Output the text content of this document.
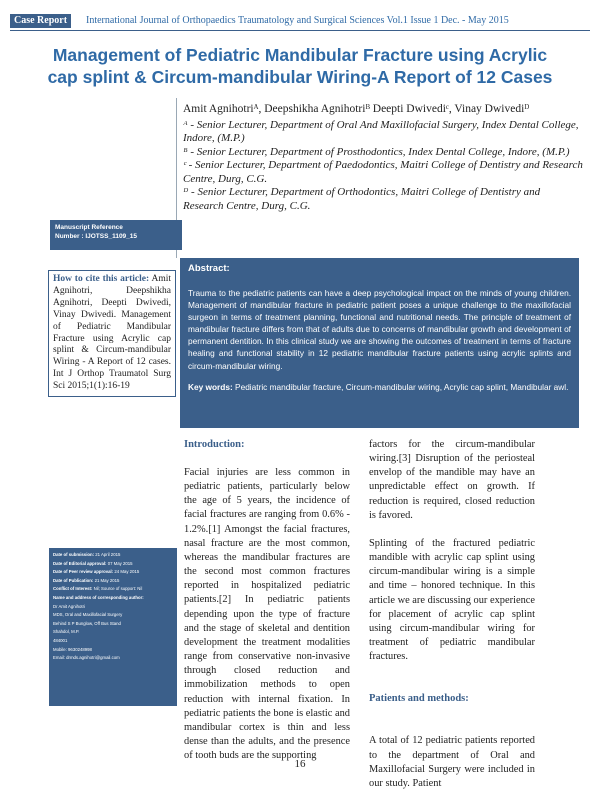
Case Report	International Journal of Orthopaedics Traumatology and Surgical Sciences Vol.1 Issue 1 Dec. - May 2015
Management of Pediatric Mandibular Fracture using Acrylic
cap splint & Circum-mandibular Wiring-A Report of 12 Cases
Amit Agnihotriᴬ, Deepshikha Agnihotriᴮ Deepti Dwivediᶜ, Vinay Dwivediᴰ
ᴬ - Senior Lecturer, Department of Oral And Maxillofacial Surgery, Index Dental College, Indore, (M.P.)
ᴮ - Senior Lecturer, Department of Prosthodontics, Index Dental College, Indore, (M.P.)
ᶜ - Senior Lecturer, Department of Paedodontics, Maitri College of Dentistry and Research Centre, Durg, C.G.
ᴰ - Senior Lecturer, Department of Orthodontics, Maitri College of Dentistry and Research Centre, Durg, C.G.
Manuscript Reference
Number : IJOTSS_1109_15
How to cite this article: Amit Agnihotri, Deepshikha Agnihotri, Deepti Dwivedi, Vinay Dwivedi. Management of Pediatric Mandibular Fracture using Acrylic cap splint & Circum-mandibular Wiring - A Report of 12 cases. Int J Orthop Traumatol Surg Sci 2015;1(1):16-19
Abstract:
Trauma to the pediatric patients can have a deep psychological impact on the minds of young children. Management of mandibular fracture in pediatric patient poses a unique challenge to the maxillofacial surgeon in terms of treatment planning, functional and nutritional needs. The principle of treatment of mandibular fracture differs from that of adults due to concerns of mandibular growth and development of permanent dentition. In this clinical study we are showing the outcomes of treatment in terms of fracture healing and functional stability in 12 pediatric mandibular fracture patients using acrylic splints and circum-mandibular wiring.
Key words: Pediatric mandibular fracture, Circum-mandibular wiring, Acrylic cap splint, Mandibular awl.
Date of submission: 21 April 2015
Date of Editorial approval: 07 May 2015
Date of Peer review approval: 24 May 2015
Date of Publication: 21 May 2015
Conflict of Interest: Nil; Source of support: Nil
Name and address of corresponding author:
Dr Amit Agnihotri
MDS, Oral and Maxillofacial Surgery
Behind S P Bunglow, Off Bus Stand
Shahdol, M.P.
484001
Mobile: 9630248998
Email: drmds.agnihotri@gmail.com

Introduction:

Facial injuries are less common in pediatric patients, particularly below the age of 5 years, the incidence of facial fractures are ranging from 0.6% - 1.2%.[1] Amongst the facial fractures, nasal fracture are the most common, whereas the mandibular fractures are the second most common fractures reported in hospitalized pediatric patients.[2] In pediatric patients depending upon the type of fracture and the stage of skeletal and dentition development the treatment modalities range from conservative non-invasive through closed reduction and immobilization methods to open reduction with internal fixation. In pediatric patients the bone is elastic and mandibular cortex is thin and less dense than the adults, and the presence of tooth buds are the supporting

factors for the circum-mandibular wiring.[3] Disruption of the periosteal envelop of the mandible may have an unpredictable effect on growth. If reduction is required, closed reduction is favored.

Splinting of the fractured pediatric mandible with acrylic cap splint using circum-mandibular wiring is a simple and time – honored technique. In this article we are discussing our experience for placement of acrylic cap splint using circum-mandibular wiring for treatment of pediatric mandibular fractures.

Patients and methods:

A total of 12 pediatric patients reported to the department of Oral and Maxillofacial Surgery were included in our study. Patient

16
